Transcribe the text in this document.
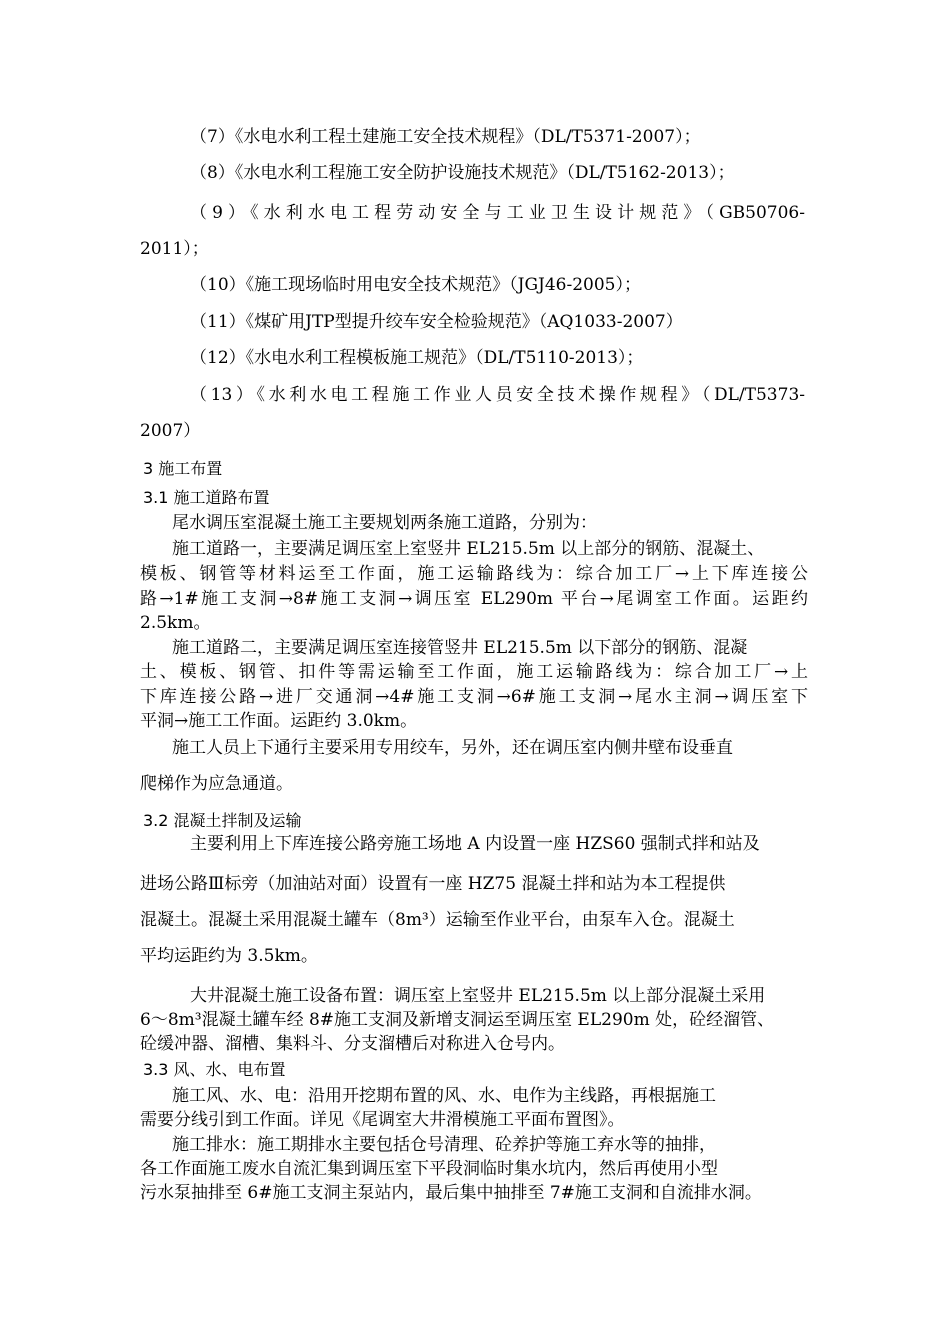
（7）《水电水利工程土建施工安全技术规程》（DL/T5371-2007）；
（8）《水电水利工程施工安全防护设施技术规范》（DL/T5162-2013）；
（9）《水利水电工程劳动安全与工业卫生设计规范》（GB50706-
2011）；
（10）《施工现场临时用电安全技术规范》（JGJ46-2005）；
（11）《煤矿用JTP型提升绞车安全检验规范》（AQ1033-2007）
（12）《水电水利工程模板施工规范》（DL/T5110-2013）；
（13）《水利水电工程施工作业人员安全技术操作规程》（DL/T5373-
2007）
3 施工布置
3.1 施工道路布置
尾水调压室混凝土施工主要规划两条施工道路，分别为：
施工道路一，主要满足调压室上室竖井 EL215.5m 以上部分的钢筋、混凝土、
模板、钢管等材料运至工作面，施工运输路线为：综合加工厂→上下库连接公
路→1#施工支洞→8#施工支洞→调压室 EL290m 平台→尾调室工作面。运距约
2.5km。
施工道路二，主要满足调压室连接管竖井 EL215.5m 以下部分的钢筋、混凝
土、模板、钢管、扣件等需运输至工作面，施工运输路线为：综合加工厂→上
下库连接公路→进厂交通洞→4#施工支洞→6#施工支洞→尾水主洞→调压室下
平洞→施工工作面。运距约 3.0km。
施工人员上下通行主要采用专用绞车，另外，还在调压室内侧井壁布设垂直
爬梯作为应急通道。
3.2 混凝土拌制及运输
主要利用上下库连接公路旁施工场地 A 内设置一座 HZS60 强制式拌和站及
进场公路Ⅲ标旁（加油站对面）设置有一座 HZ75 混凝土拌和站为本工程提供
混凝土。混凝土采用混凝土罐车（8m³）运输至作业平台，由泵车入仓。混凝土
平均运距约为 3.5km。
大井混凝土施工设备布置：调压室上室竖井 EL215.5m 以上部分混凝土采用
6～8m³混凝土罐车经 8#施工支洞及新增支洞运至调压室 EL290m 处，砼经溜管、
砼缓冲器、溜槽、集料斗、分支溜槽后对称进入仓号内。
3.3 风、水、电布置
施工风、水、电：沿用开挖期布置的风、水、电作为主线路，再根据施工
需要分线引到工作面。详见《尾调室大井滑模施工平面布置图》。
施工排水：施工期排水主要包括仓号清理、砼养护等施工弃水等的抽排，
各工作面施工废水自流汇集到调压室下平段洞临时集水坑内，然后再使用小型
污水泵抽排至 6#施工支洞主泵站内，最后集中抽排至 7#施工支洞和自流排水洞。
